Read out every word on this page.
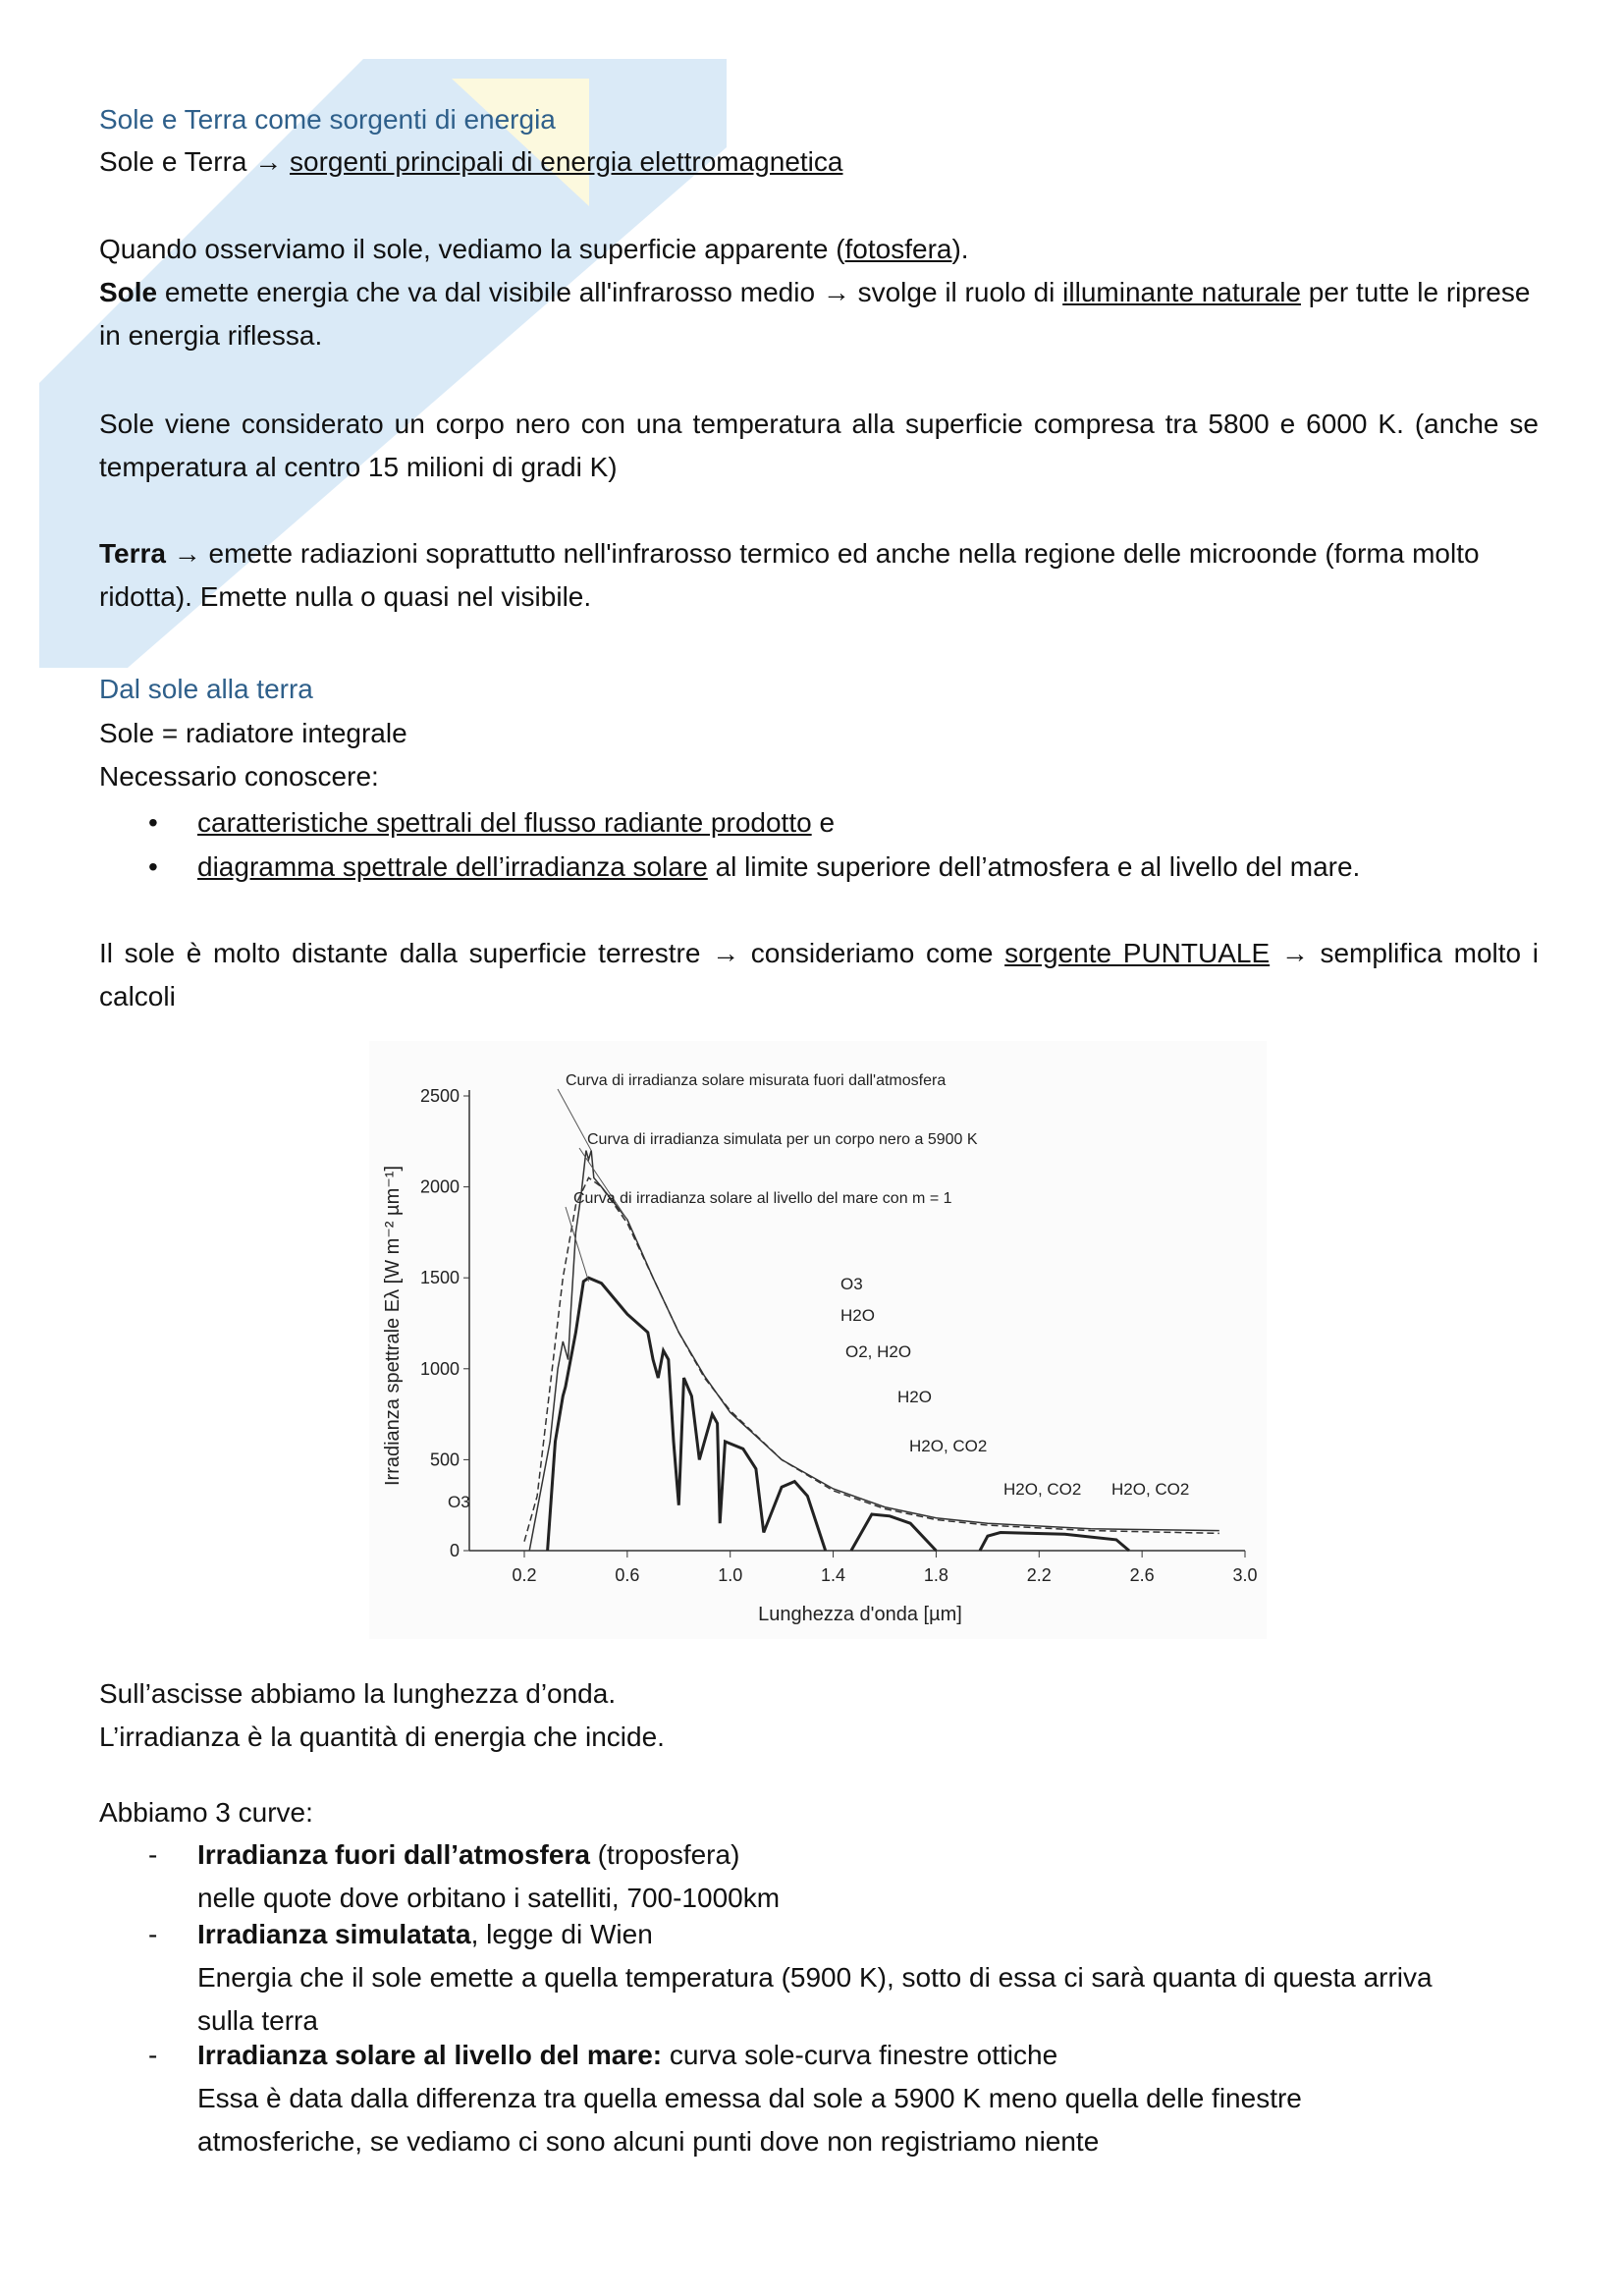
Sole e Terra come sorgenti di energia
Sole e Terra → sorgenti principali di energia elettromagnetica
Quando osserviamo il sole, vediamo la superficie apparente (fotosfera).
Sole emette energia che va dal visibile all'infrarosso medio → svolge il ruolo di illuminante naturale per tutte le riprese in energia riflessa.
Sole viene considerato un corpo nero con una temperatura alla superficie compresa tra 5800 e 6000 K. (anche se temperatura al centro 15 milioni di gradi K)
Terra → emette radiazioni soprattutto nell'infrarosso termico ed anche nella regione delle microonde (forma molto ridotta). Emette nulla o quasi nel visibile.
Dal sole alla terra
Sole = radiatore integrale
Necessario conoscere:
• caratteristiche spettrali del flusso radiante prodotto e
• diagramma spettrale dell’irradianza solare al limite superiore dell’atmosfera e al livello del mare.
Il sole è molto distante dalla superficie terrestre → consideriamo come sorgente PUNTUALE → semplifica molto i calcoli
0
500
1000
1500
2000
2500
0.2	0.6	1.0	1.4	1.8	2.2	2.6	3.0
Lunghezza d'onda [µm]
Irradianza spettrale Eλ [W m⁻² µm⁻¹]
Curva di irradianza solare misurata fuori dall'atmosfera
Curva di irradianza simulata per un corpo nero a 5900 K
Curva di irradianza solare al livello del mare con m = 1
O3
H2O
O2, H2O
H2O
H2O, CO2
H2O, CO2 H2O, CO2
O3
Sull’ascisse abbiamo la lunghezza d’onda.
L’irradianza è la quantità di energia che incide.
Abbiamo 3 curve:
- Irradianza fuori dall’atmosfera (troposfera)
nelle quote dove orbitano i satelliti, 700-1000km
- Irradianza simulatata, legge di Wien
Energia che il sole emette a quella temperatura (5900 K), sotto di essa ci sarà quanta di questa arriva sulla terra
- Irradianza solare al livello del mare: curva sole-curva finestre ottiche
Essa è data dalla differenza tra quella emessa dal sole a 5900 K meno quella delle finestre atmosferiche, se vediamo ci sono alcuni punti dove non registriamo niente
